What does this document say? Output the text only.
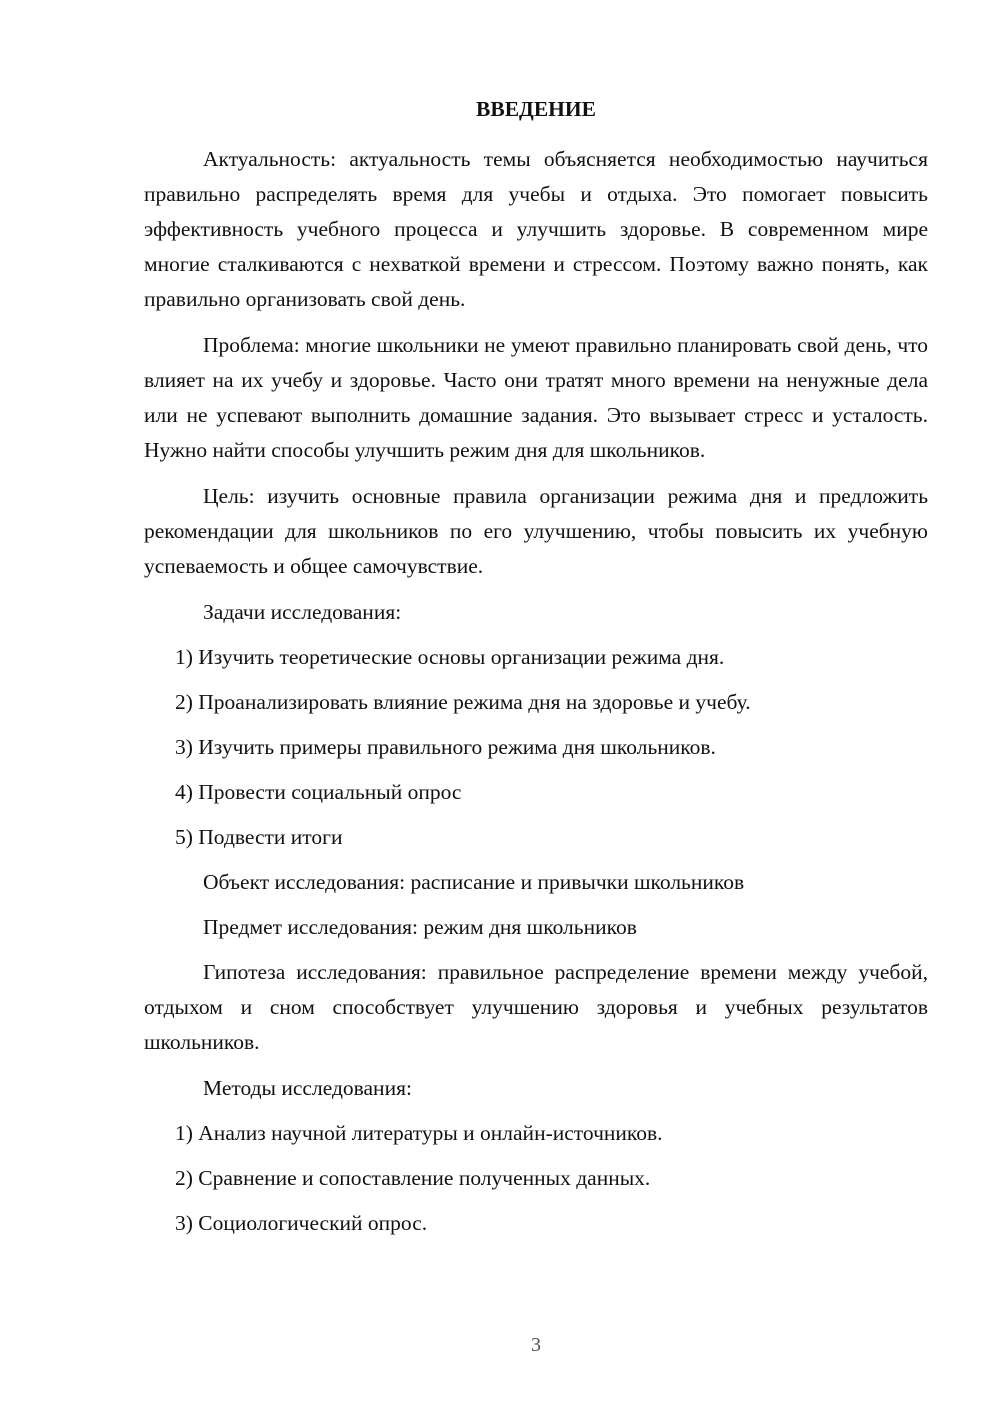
ВВЕДЕНИЕ

Актуальность: актуальность темы объясняется необходимостью научиться правильно распределять время для учебы и отдыха. Это помогает повысить эффективность учебного процесса и улучшить здоровье. В современном мире многие сталкиваются с нехваткой времени и стрессом. Поэтому важно понять, как правильно организовать свой день.

Проблема: многие школьники не умеют правильно планировать свой день, что влияет на их учебу и здоровье. Часто они тратят много времени на ненужные дела или не успевают выполнить домашние задания. Это вызывает стресс и усталость. Нужно найти способы улучшить режим дня для школьников.

Цель: изучить основные правила организации режима дня и предложить рекомендации для школьников по его улучшению, чтобы повысить их учебную успеваемость и общее самочувствие.

Задачи исследования:
1) Изучить теоретические основы организации режима дня.
2) Проанализировать влияние режима дня на здоровье и учебу.
3) Изучить примеры правильного режима дня школьников.
4) Провести социальный опрос
5) Подвести итоги
Объект исследования: расписание и привычки школьников
Предмет исследования: режим дня школьников

Гипотеза исследования: правильное распределение времени между учебой, отдыхом и сном способствует улучшению здоровья и учебных результатов школьников.

Методы исследования:
1) Анализ научной литературы и онлайн-источников.
2) Сравнение и сопоставление полученных данных.
3) Социологический опрос.
3
